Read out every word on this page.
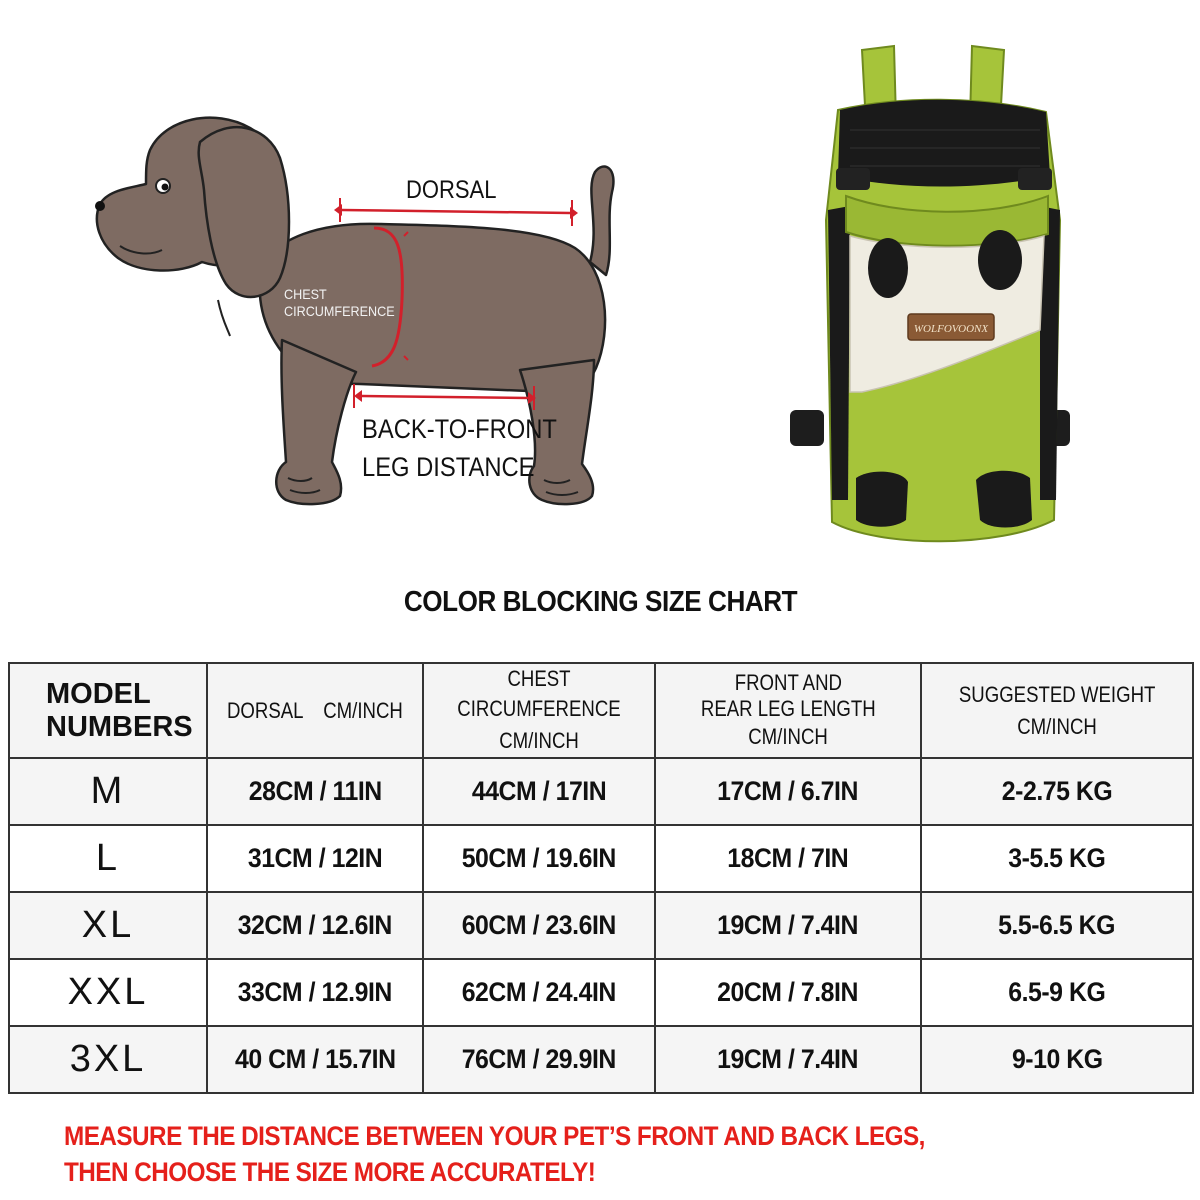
DORSAL
CHEST
CIRCUMFERENCE
BACK-TO-FRONT
LEG DISTANCE
WOLFOVOONX
COLOR BLOCKING SIZE CHART
MODEL
NUMBERS	DORSAL CM/INCH	CHEST CIRCUMFERENCE CM/INCH	FRONT AND REAR LEG LENGTH CM/INCH	SUGGESTED WEIGHT CM/INCH
M	28CM / 11IN	44CM / 17IN	17CM / 6.7IN	2-2.75 KG
L	31CM / 12IN	50CM / 19.6IN	18CM / 7IN	3-5.5 KG
XL	32CM / 12.6IN	60CM / 23.6IN	19CM / 7.4IN	5.5-6.5 KG
XXL	33CM / 12.9IN	62CM / 24.4IN	20CM / 7.8IN	6.5-9 KG
3XL	40 CM / 15.7IN	76CM / 29.9IN	19CM / 7.4IN	9-10 KG
MEASURE THE DISTANCE BETWEEN YOUR PET’S FRONT AND BACK LEGS,
THEN CHOOSE THE SIZE MORE ACCURATELY!
